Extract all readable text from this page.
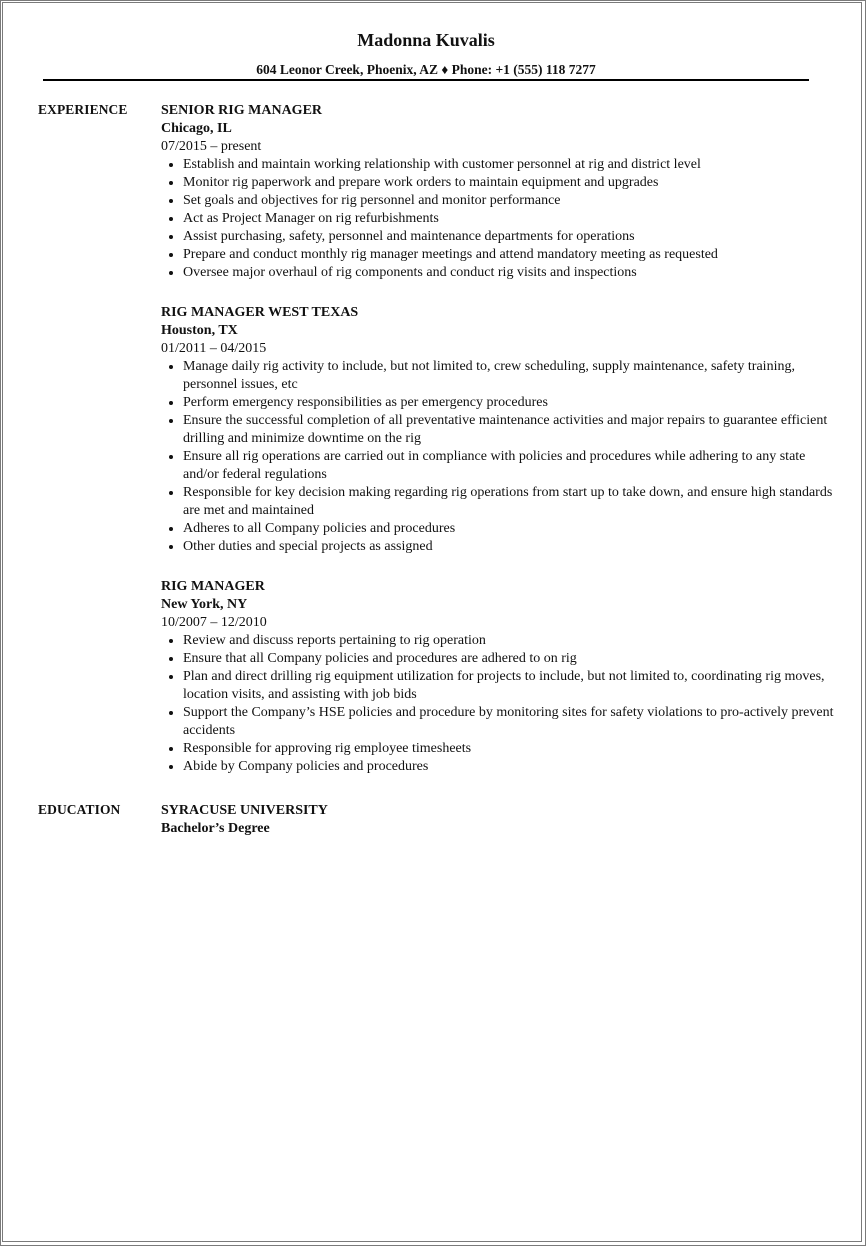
Madonna Kuvalis
604 Leonor Creek, Phoenix, AZ ♦ Phone: +1 (555) 118 7277
EXPERIENCE SENIOR RIG MANAGER
Chicago, IL
07/2015 – present
Establish and maintain working relationship with customer personnel at rig and district level
Monitor rig paperwork and prepare work orders to maintain equipment and upgrades
Set goals and objectives for rig personnel and monitor performance
Act as Project Manager on rig refurbishments
Assist purchasing, safety, personnel and maintenance departments for operations
Prepare and conduct monthly rig manager meetings and attend mandatory meeting as requested
Oversee major overhaul of rig components and conduct rig visits and inspections
RIG MANAGER WEST TEXAS
Houston, TX
01/2011 – 04/2015
Manage daily rig activity to include, but not limited to, crew scheduling, supply maintenance, safety training, personnel issues, etc
Perform emergency responsibilities as per emergency procedures
Ensure the successful completion of all preventative maintenance activities and major repairs to guarantee efficient drilling and minimize downtime on the rig
Ensure all rig operations are carried out in compliance with policies and procedures while adhering to any state and/or federal regulations
Responsible for key decision making regarding rig operations from start up to take down, and ensure high standards are met and maintained
Adheres to all Company policies and procedures
Other duties and special projects as assigned
RIG MANAGER
New York, NY
10/2007 – 12/2010
Review and discuss reports pertaining to rig operation
Ensure that all Company policies and procedures are adhered to on rig
Plan and direct drilling rig equipment utilization for projects to include, but not limited to, coordinating rig moves, location visits, and assisting with job bids
Support the Company’s HSE policies and procedure by monitoring sites for safety violations to pro-actively prevent accidents
Responsible for approving rig employee timesheets
Abide by Company policies and procedures
EDUCATION	SYRACUSE UNIVERSITY
Bachelor’s Degree
